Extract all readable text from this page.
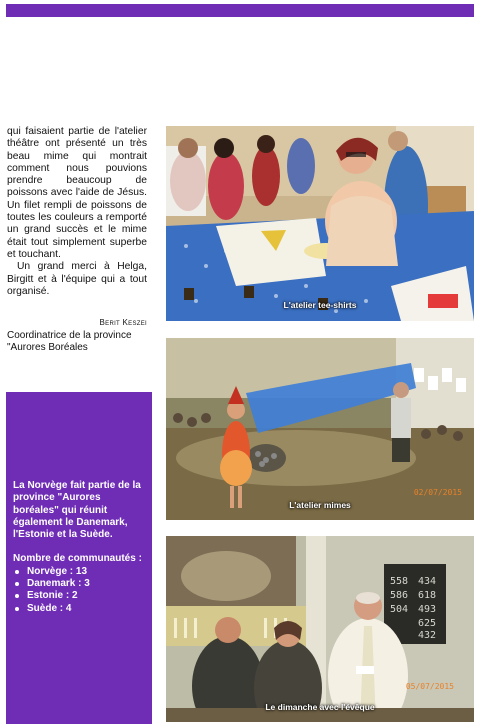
qui faisaient partie de l'atelier théâtre ont présenté un très beau mime qui montrait comment nous pouvions prendre beaucoup de poissons avec l'aide de Jésus. Un filet rempli de poissons de toutes les couleurs a remporté un grand succès et le mime était tout simplement superbe et touchant.

Un grand merci à Helga, Birgitt et à l'équipe qui a tout organisé.

Berit Keszei
Coordinatrice de la province "Aurores Boréales
La Norvège fait partie de la province "Aurores boréales" qui réunit également le Danemark, l'Estonie et la Suède.
Nombre de communautés :
Norvège : 13
Danemark : 3
Estonie : 2
Suède : 4
L'atelier tee-shirts
02/07/2015
L'atelier mimes
558 434
586 618
504 493
625
432
05/07/2015
Le dimanche avec l'évêque
